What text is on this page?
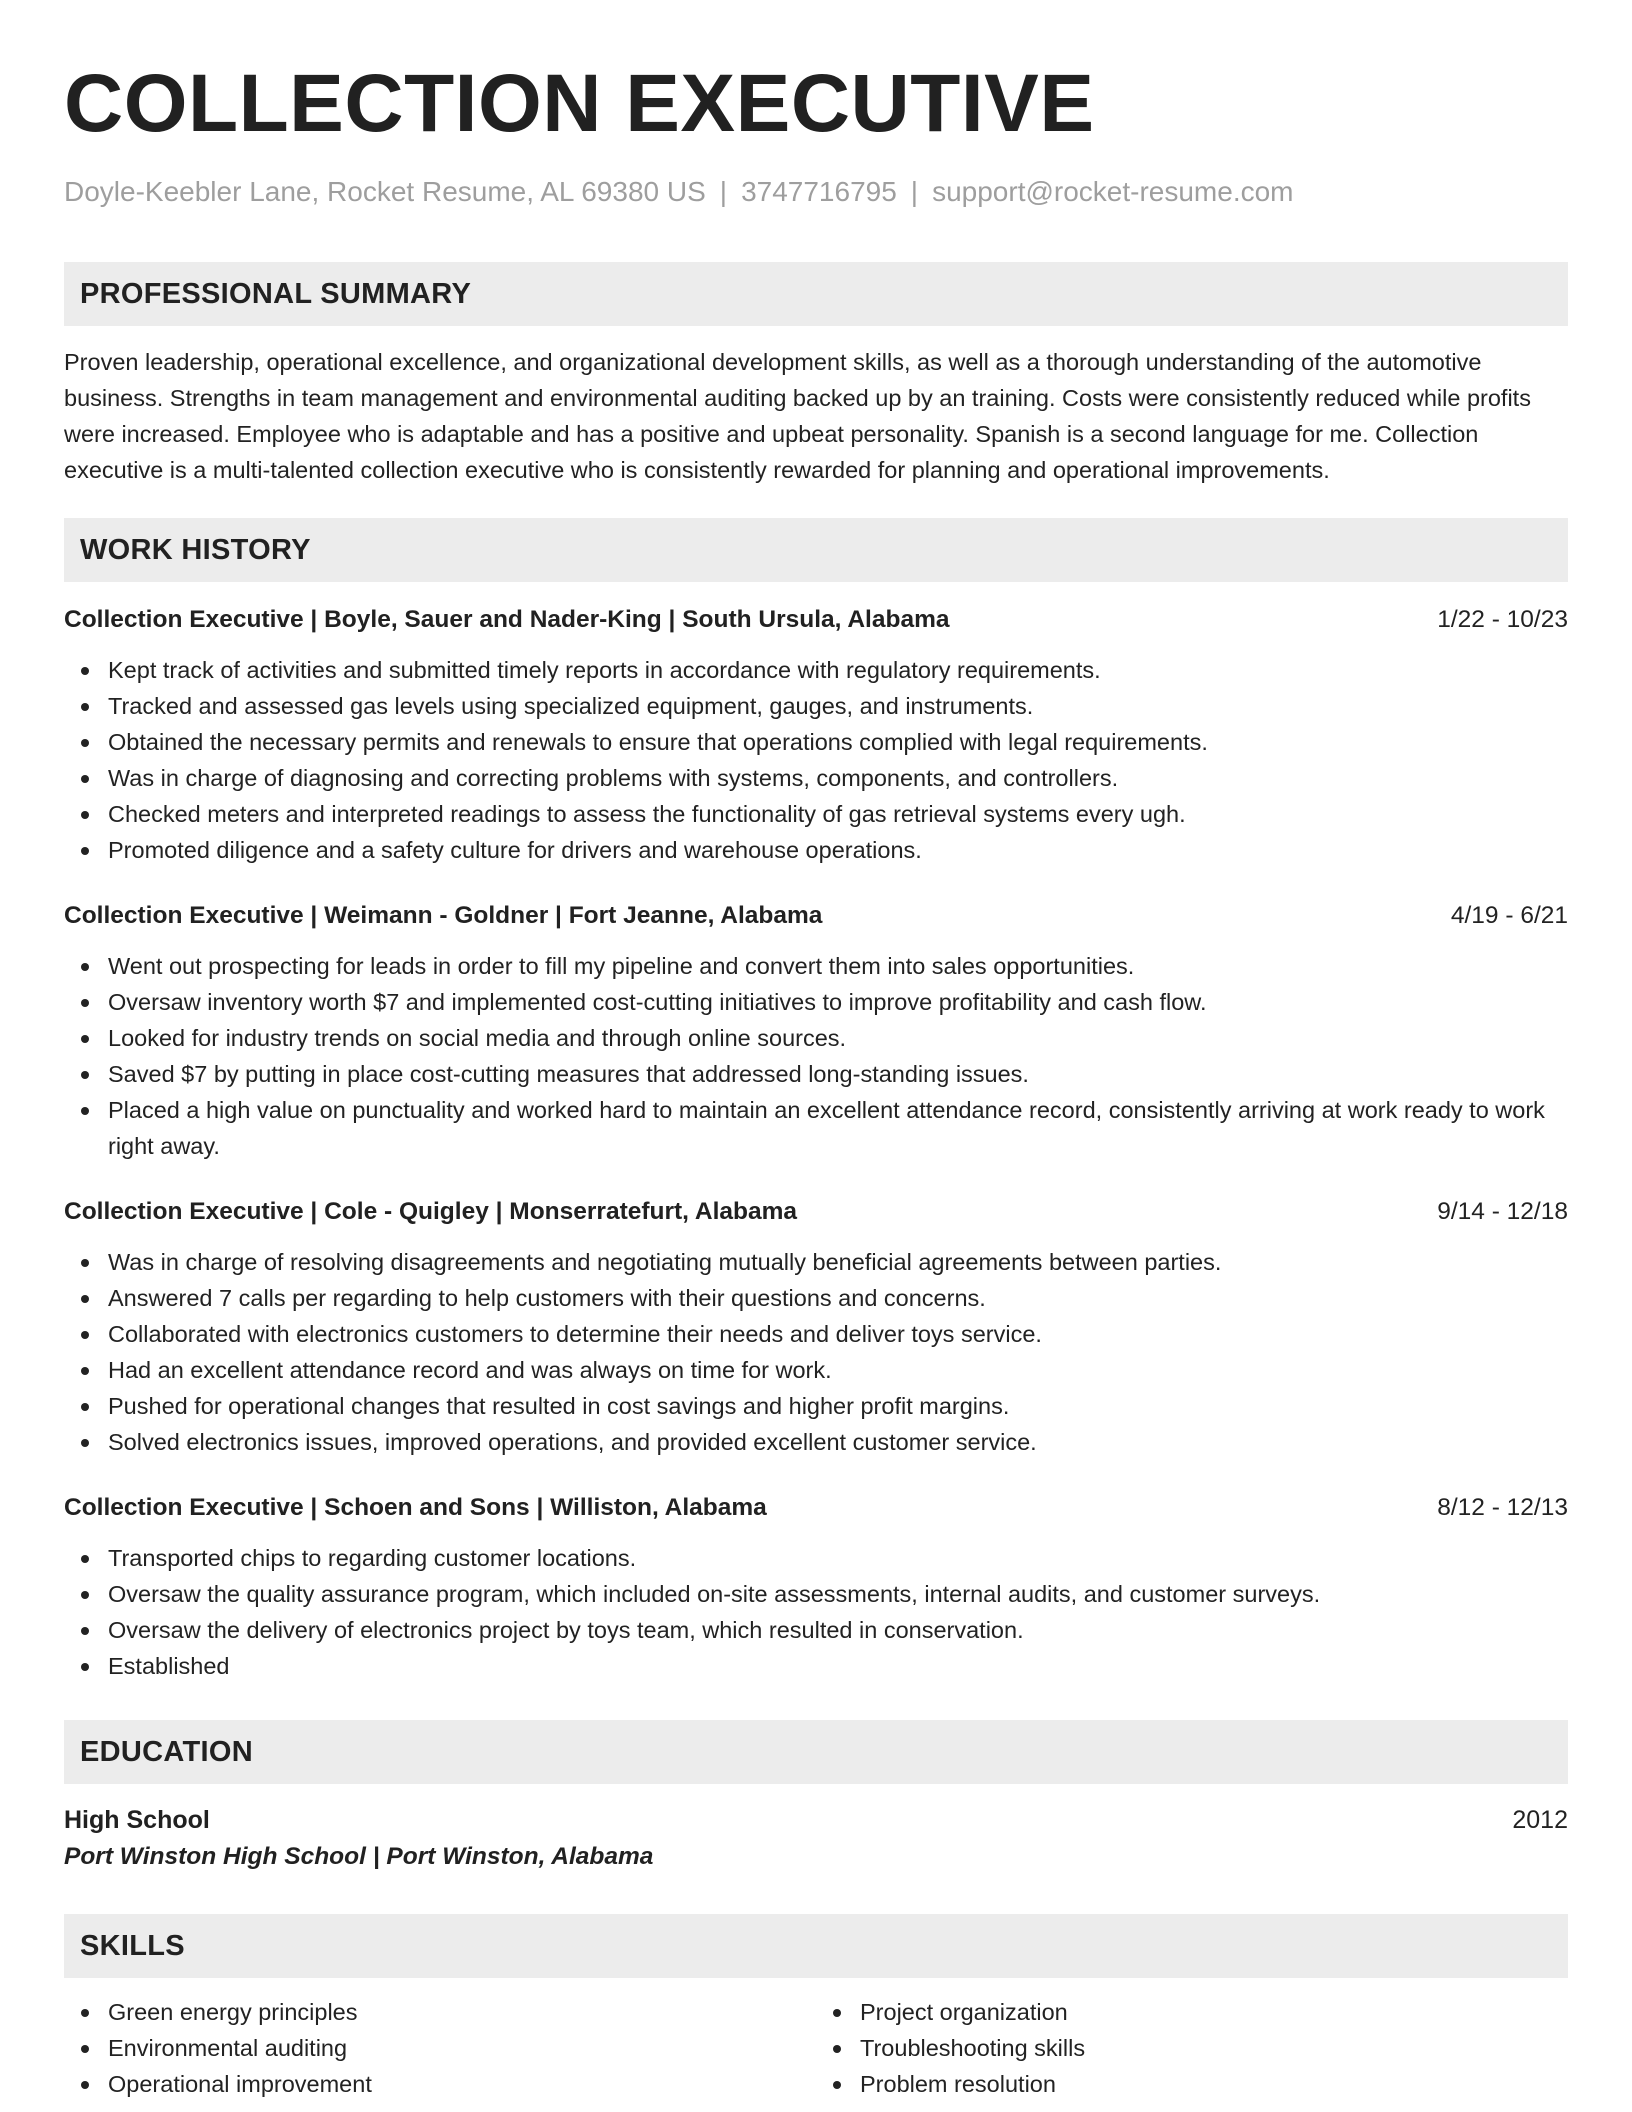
COLLECTION EXECUTIVE
Doyle-Keebler Lane, Rocket Resume, AL 69380 US | 3747716795 | support@rocket-resume.com
PROFESSIONAL SUMMARY
Proven leadership, operational excellence, and organizational development skills, as well as a thorough understanding of the automotive business. Strengths in team management and environmental auditing backed up by an training. Costs were consistently reduced while profits were increased. Employee who is adaptable and has a positive and upbeat personality. Spanish is a second language for me. Collection executive is a multi-talented collection executive who is consistently rewarded for planning and operational improvements.
WORK HISTORY
Collection Executive | Boyle, Sauer and Nader-King | South Ursula, Alabama	1/22 - 10/23
Kept track of activities and submitted timely reports in accordance with regulatory requirements.
Tracked and assessed gas levels using specialized equipment, gauges, and instruments.
Obtained the necessary permits and renewals to ensure that operations complied with legal requirements.
Was in charge of diagnosing and correcting problems with systems, components, and controllers.
Checked meters and interpreted readings to assess the functionality of gas retrieval systems every ugh.
Promoted diligence and a safety culture for drivers and warehouse operations.
Collection Executive | Weimann - Goldner | Fort Jeanne, Alabama	4/19 - 6/21
Went out prospecting for leads in order to fill my pipeline and convert them into sales opportunities.
Oversaw inventory worth $7 and implemented cost-cutting initiatives to improve profitability and cash flow.
Looked for industry trends on social media and through online sources.
Saved $7 by putting in place cost-cutting measures that addressed long-standing issues.
Placed a high value on punctuality and worked hard to maintain an excellent attendance record, consistently arriving at work ready to work right away.
Collection Executive | Cole - Quigley | Monserratefurt, Alabama	9/14 - 12/18
Was in charge of resolving disagreements and negotiating mutually beneficial agreements between parties.
Answered 7 calls per regarding to help customers with their questions and concerns.
Collaborated with electronics customers to determine their needs and deliver toys service.
Had an excellent attendance record and was always on time for work.
Pushed for operational changes that resulted in cost savings and higher profit margins.
Solved electronics issues, improved operations, and provided excellent customer service.
Collection Executive | Schoen and Sons | Williston, Alabama	8/12 - 12/13
Transported chips to regarding customer locations.
Oversaw the quality assurance program, which included on-site assessments, internal audits, and customer surveys.
Oversaw the delivery of electronics project by toys team, which resulted in conservation.
Established
EDUCATION
High School	2012
Port Winston High School | Port Winston, Alabama
SKILLS
Green energy principles
Environmental auditing
Operational improvement
Project organization
Troubleshooting skills
Problem resolution
